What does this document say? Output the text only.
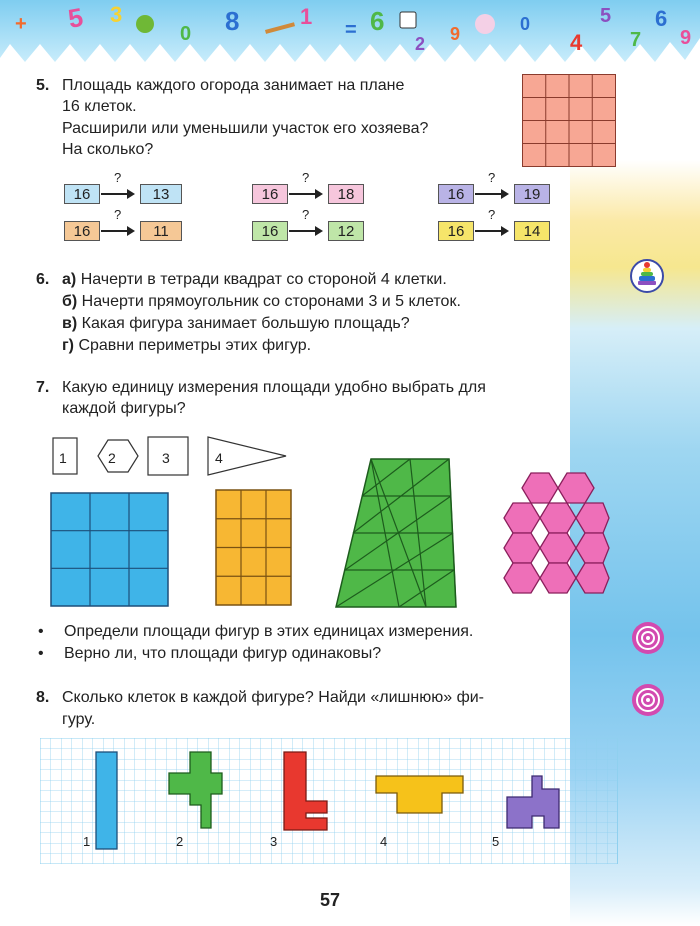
5 3
0 8	1 6
2 9	0
4
5
7
6
9
+	=
5. Площадь каждого огорода занимает на плане
16 клеток.
Расширили или уменьшили участок его хозяева?
На сколько?
?
16	13
?
16	18
?
16	19
?
16	11
?
16	12
?
16	14
6. а) Начерти в тетради квадрат со стороной 4 клетки.
б) Начерти прямоугольник со сторонами 3 и 5 клеток.
в) Какая фигура занимает большую площадь?
г) Сравни периметры этих фигур.
7. Какую единицу измерения площади удобно выбрать для
каждой фигуры?
1	2	3	4
• Определи площади фигур в этих единицах измерения.
• Верно ли, что площади фигур одинаковы?
8. Сколько клеток в каждой фигуре? Найди «лишнюю» фи-
гуру.
1	2	3	4	5
57
